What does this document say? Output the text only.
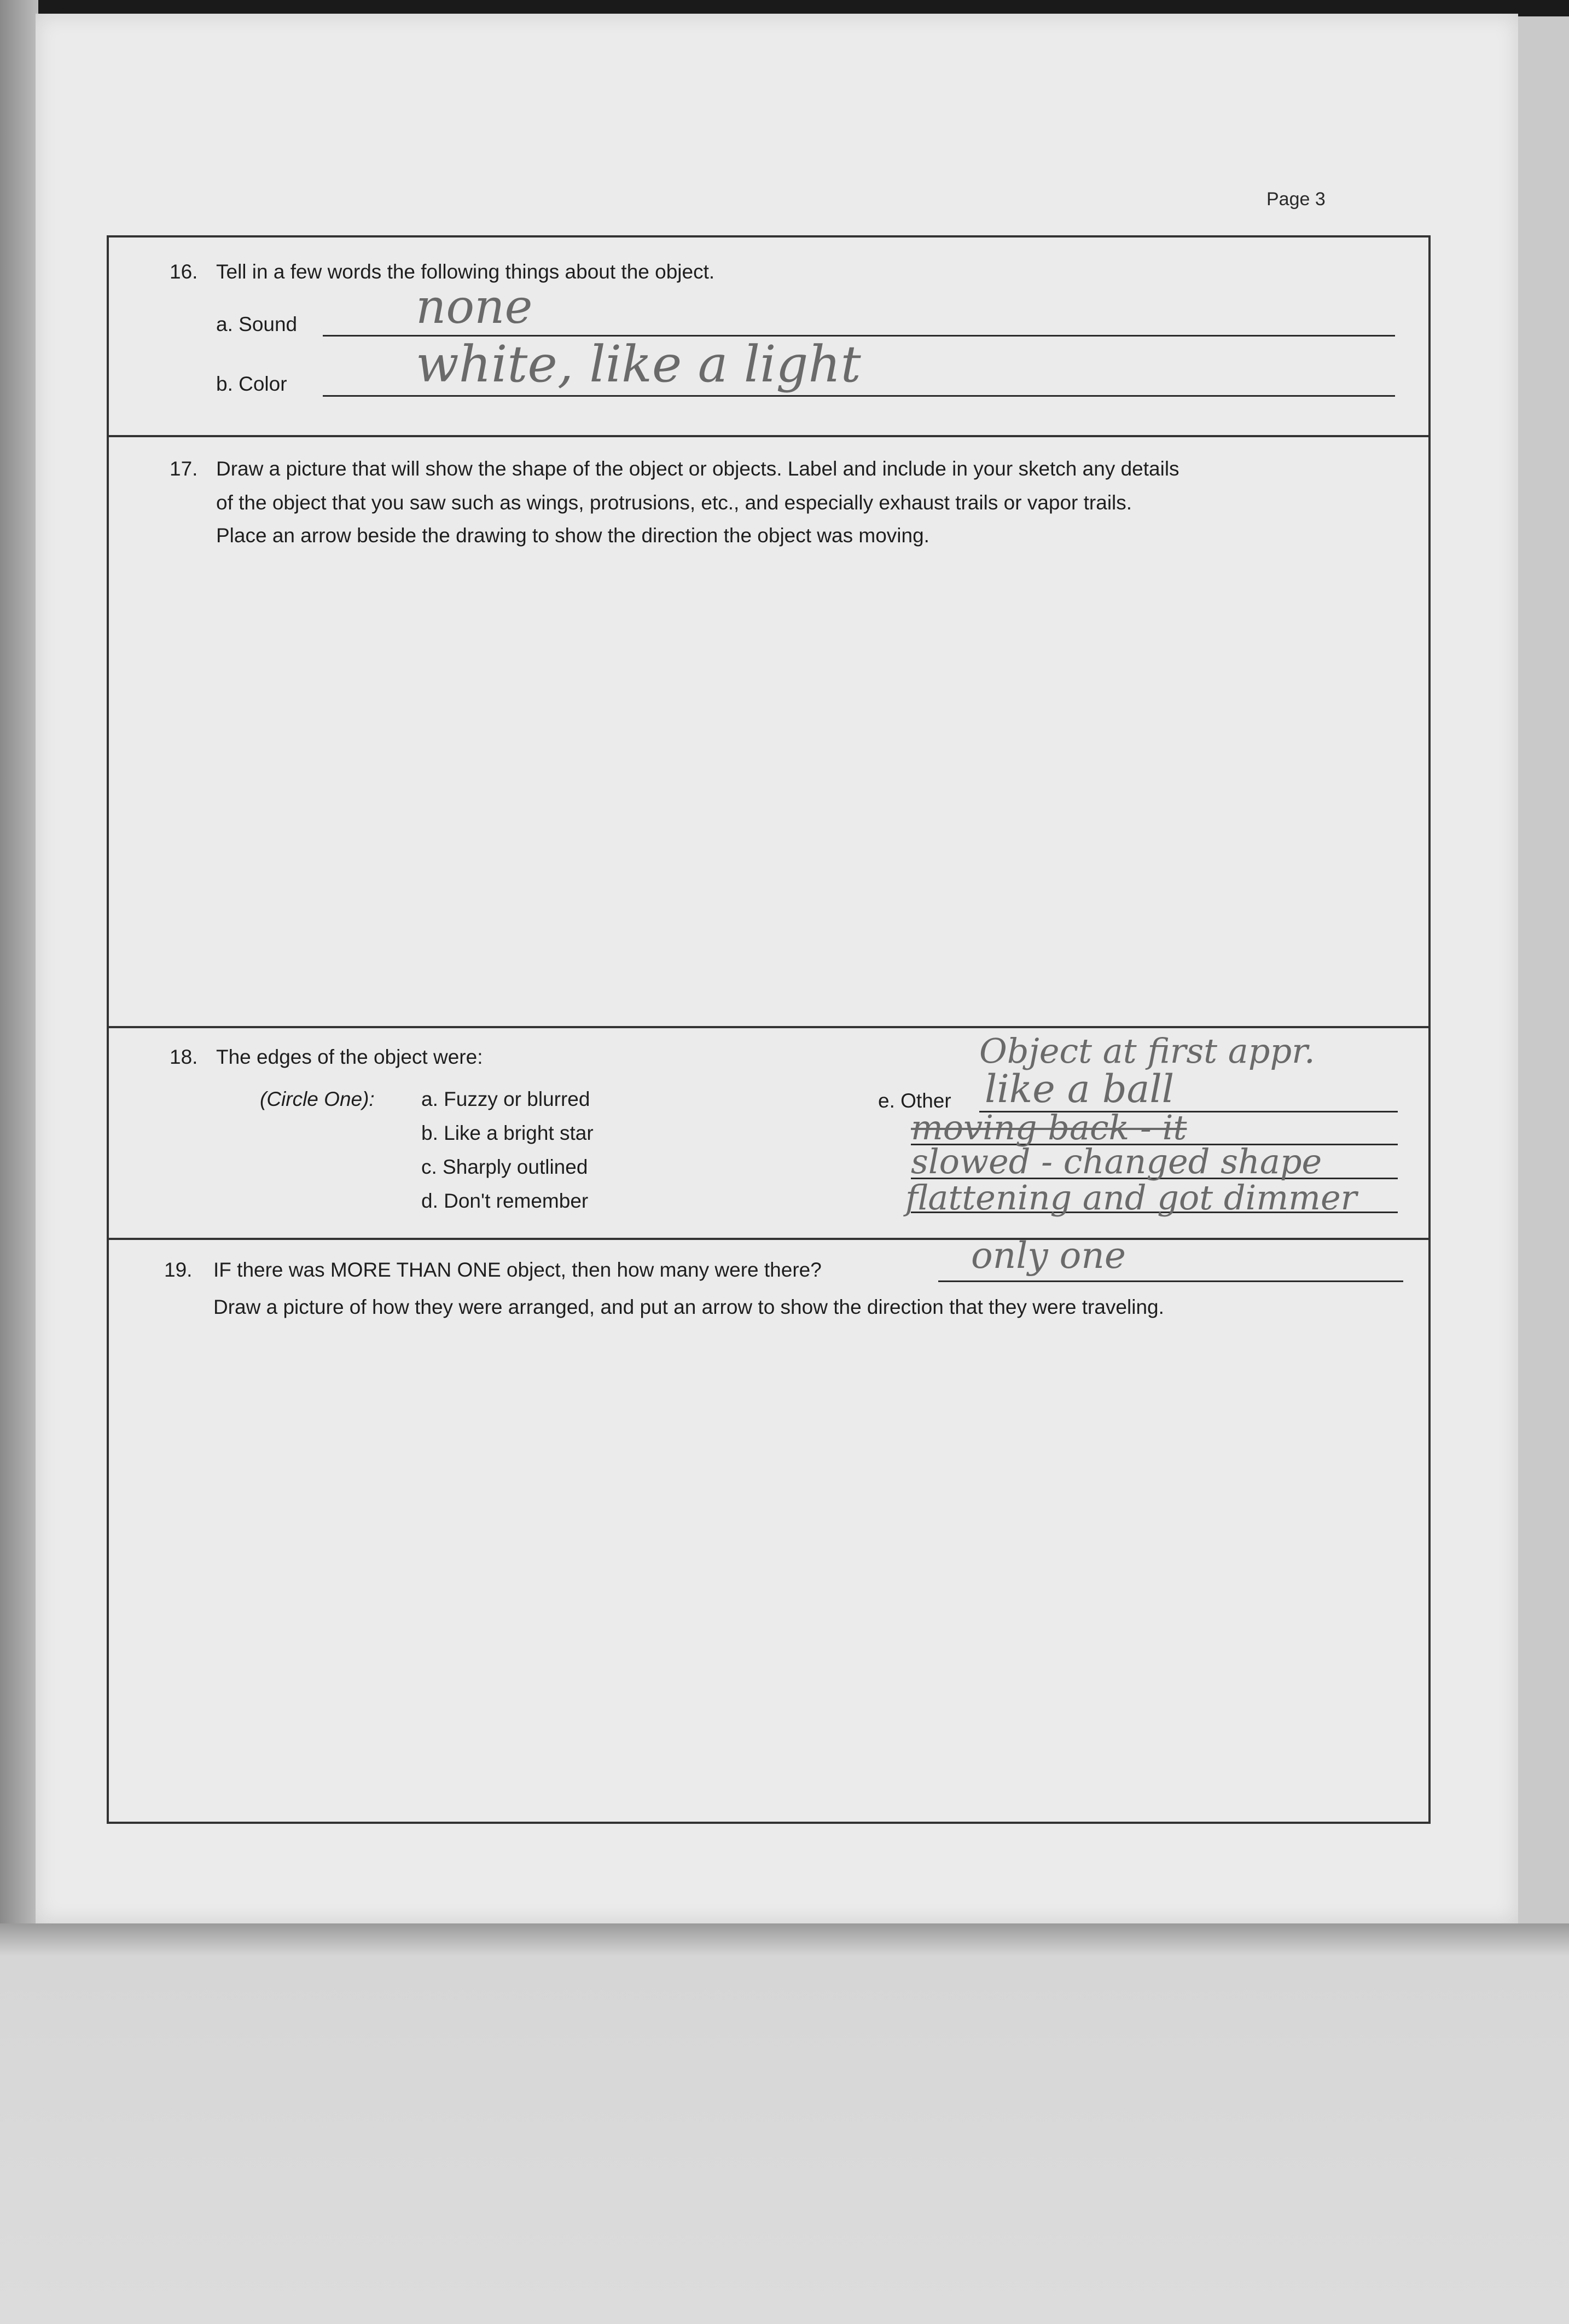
Page 3
16. Tell in a few words the following things about the object.
a. Sound	none
b. Color	white, like a light
17. Draw a picture that will show the shape of the object or objects. Label and include in your sketch any details
of the object that you saw such as wings, protrusions, etc., and especially exhaust trails or vapor trails.
Place an arrow beside the drawing to show the direction the object was moving.
18. The edges of the object were:
(Circle One): a. Fuzzy or blurred
b. Like a bright star
c. Sharply outlined
d. Don't remember
e. Other
Object at first appr.
like a ball
moving back - it
slowed - changed shape
flattening and got dimmer
19. IF there was MORE THAN ONE object, then how many were there?	only one
Draw a picture of how they were arranged, and put an arrow to show the direction that they were traveling.
